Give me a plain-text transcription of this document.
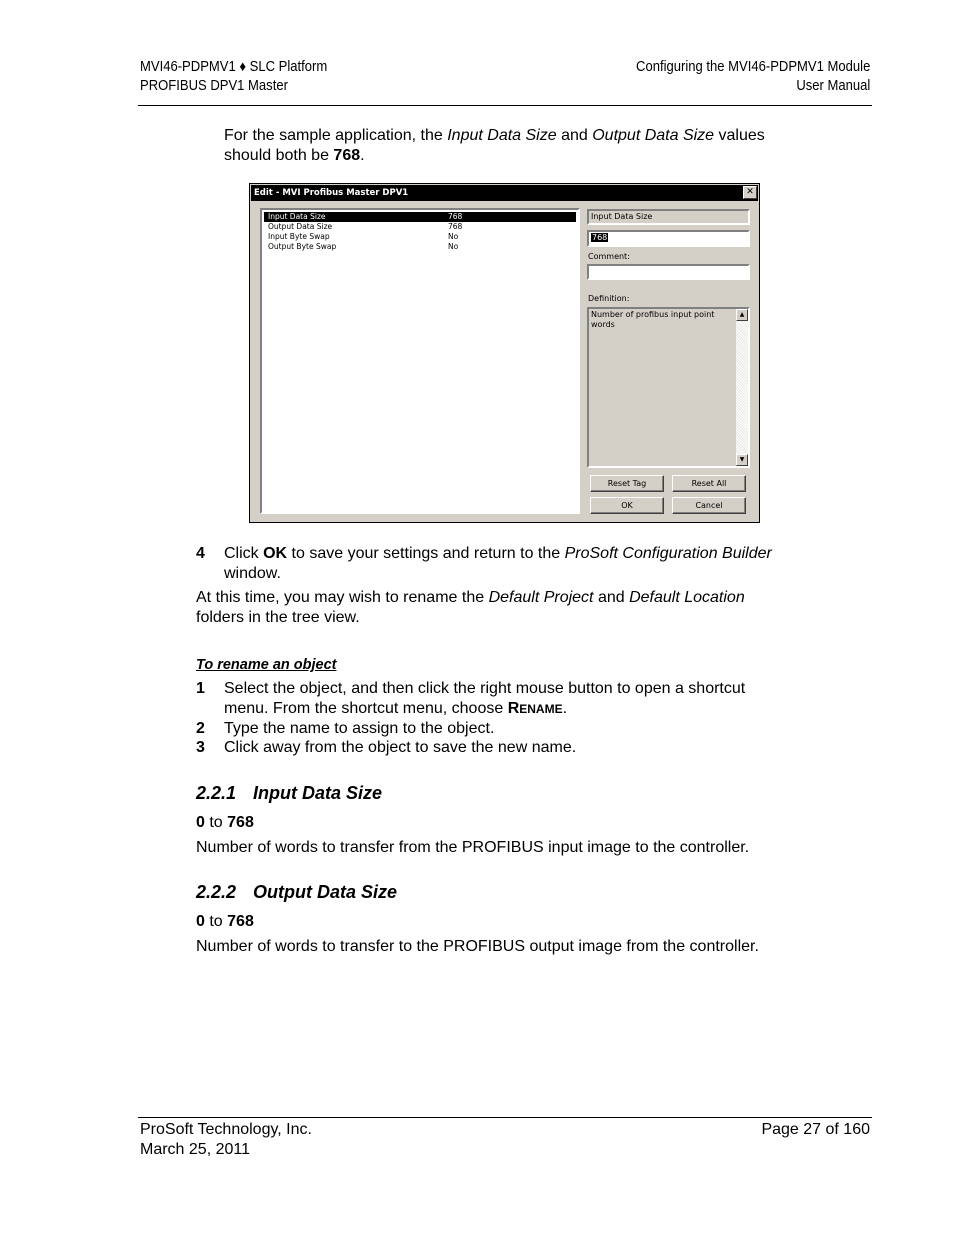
MVI46-PDPMV1 ♦ SLC Platform
PROFIBUS DPV1 Master
Configuring the MVI46-PDPMV1 Module
User Manual
For the sample application, the Input Data Size and Output Data Size values
should both be 768.
Edit - MVI Profibus Master DPV1	✕
Input Data Size	768
Output Data Size	768
Input Byte Swap	No
Output Byte Swap	No
Input Data Size
768
Comment:
Definition:
Number of profibus input point words
▲
▼
Reset Tag	Reset All
OK	Cancel
4 Click OK to save your settings and return to the ProSoft Configuration Builder
window.
At this time, you may wish to rename the Default Project and Default Location
folders in the tree view.
To rename an object
1 Select the object, and then click the right mouse button to open a shortcut
menu. From the shortcut menu, choose RENAME.
2 Type the name to assign to the object.
3 Click away from the object to save the new name.
2.2.1 Input Data Size
0 to 768
Number of words to transfer from the PROFIBUS input image to the controller.
2.2.2 Output Data Size
0 to 768
Number of words to transfer to the PROFIBUS output image from the controller.
ProSoft Technology, Inc.
March 25, 2011
Page 27 of 160
